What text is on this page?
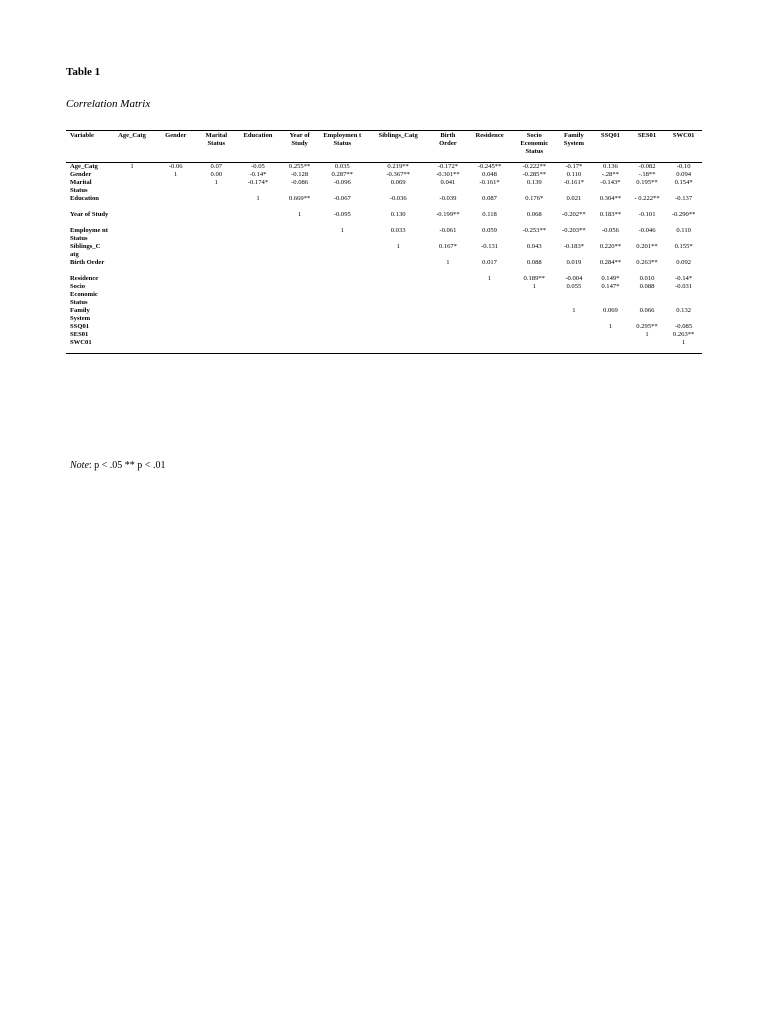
Table 1
Correlation Matrix
Variable	Age_Catg	Gender	Marital Status	Education	Year of Study	Employmen t Status	Siblings_Catg	Birth Order	Residence	Socio Economic Status	Family System	SSQ01	SES01	SWC01
Age_Catg	1	-0.06	0.07	-0.05	0.255**	0.035	0.219**	-0.172*	-0.245**	-0.222**	-0.17*	0.136	-0.082	-0.10
Gender		1	0.00	-0.14*	-0.128	0.287**	-0.367**	-0.301**	0.048	-0.285**	0.110	-.28**	-.18**	0.094
Marital Status			1	-0.174*	-0.086	-0.096	0.069	0.041	-0.161*	0.139	-0.161*	-0.143*	0.195**	0.154*
Education				1	0.669**	-0.067	-0.036	-0.039	0.087	0.176*	0.021	0.304**	- 0.222**	-0.137
Year of Study					1	-0.095	0.130	-0.199**	0.118	0.068	-0.202**	0.183**	-0.101	-0.290**
Employme nt Status						1	0.033	-0.061	0.059	-0.253**	-0.203**	-0.056	-0.046	0.110
Siblings_C atg							1	0.167*	-0.131	0.043	-0.183*	0.220**	0.201**	0.155*
Birth Order								1	0.017	0.088	0.019	0.284**	0.263**	0.092
Residence									1	0.189**	-0.004	0.149*	0.010	-0.14*
Socio Economic Status										1	0.055	0.147*	0.088	-0.031
Family System											1	0.069	0.066	0.132
SSQ01												1	0.295**	-0.085
SES01													1	0.263**
SWC01														1
Note: p < .05 ** p < .01
